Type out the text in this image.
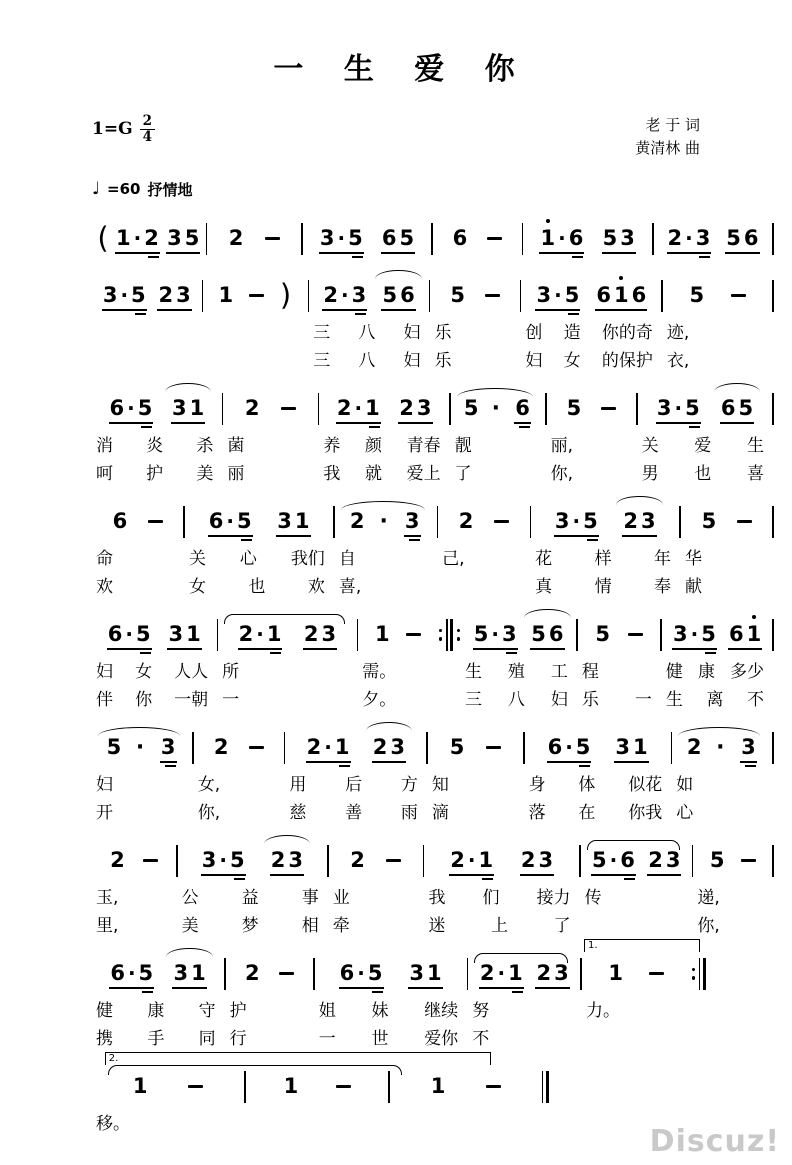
一 生 爱 你
$1=G \frac{2}{4}$	老 于 词
黄清林 曲
♩ =60 抒情地
( 1 · 2 3 5 2	3 · 5 6 5 6	1 · 6 5 3 2 · 3 5 6
3 · 5 2 3 1 ) 2 · 3 5 6
三 八 妇
三 八 妇
5
乐
乐
3 · 5 6 1 6
创 造 你的奇
妇 女 的保护
5
迹,
衣,
6 · 5 3 1
消 炎 杀
呵 护 美
2
菌
丽
2 · 1 2 3
养 颜 青春
我 就 爱上
5 · 6
靓
了
5
丽,
你,
3 · 5 6 5
关 爱 生
男 也 喜
6
命
欢
6 · 5 3 1
关 心 我们
女 也 欢
2 · 3
自
喜,
2
己,
3 · 5 2 3
花 样 年
真 情 奉
5
华
献
6 · 5 3 1
妇 女 人人
伴 你 一朝
2 · 1 2 3
所
一
1
需。
夕。
5 · 3 5 6
生 殖 工
三 八 妇
5
程
乐 一
3 · 5 6 1
健 康 多少
生 离 不
5 · 3
妇
开
2
女,
你,
2 · 1 2 3
用 后 方
慈 善 雨
5
知
滴
6 · 5 3 1
身 体 似花
落 在 你我
2 · 3
如
心
2
玉,
里,
3 · 5 2 3
公	益	事
美	梦	相
2
业
牵
2 · 1 2 3
我 们 接力
迷	上	了
5 · 6 2 3
传
5
递,
你,
6 · 5 3 1
健 康 守
携 手 同
2
护
行
6 · 5 3 1
姐 妹 继续
一 世 爱你
2 · 1 2 3
努
不
1
1.
力。
2.
1
移。
1	1
Discuz!
